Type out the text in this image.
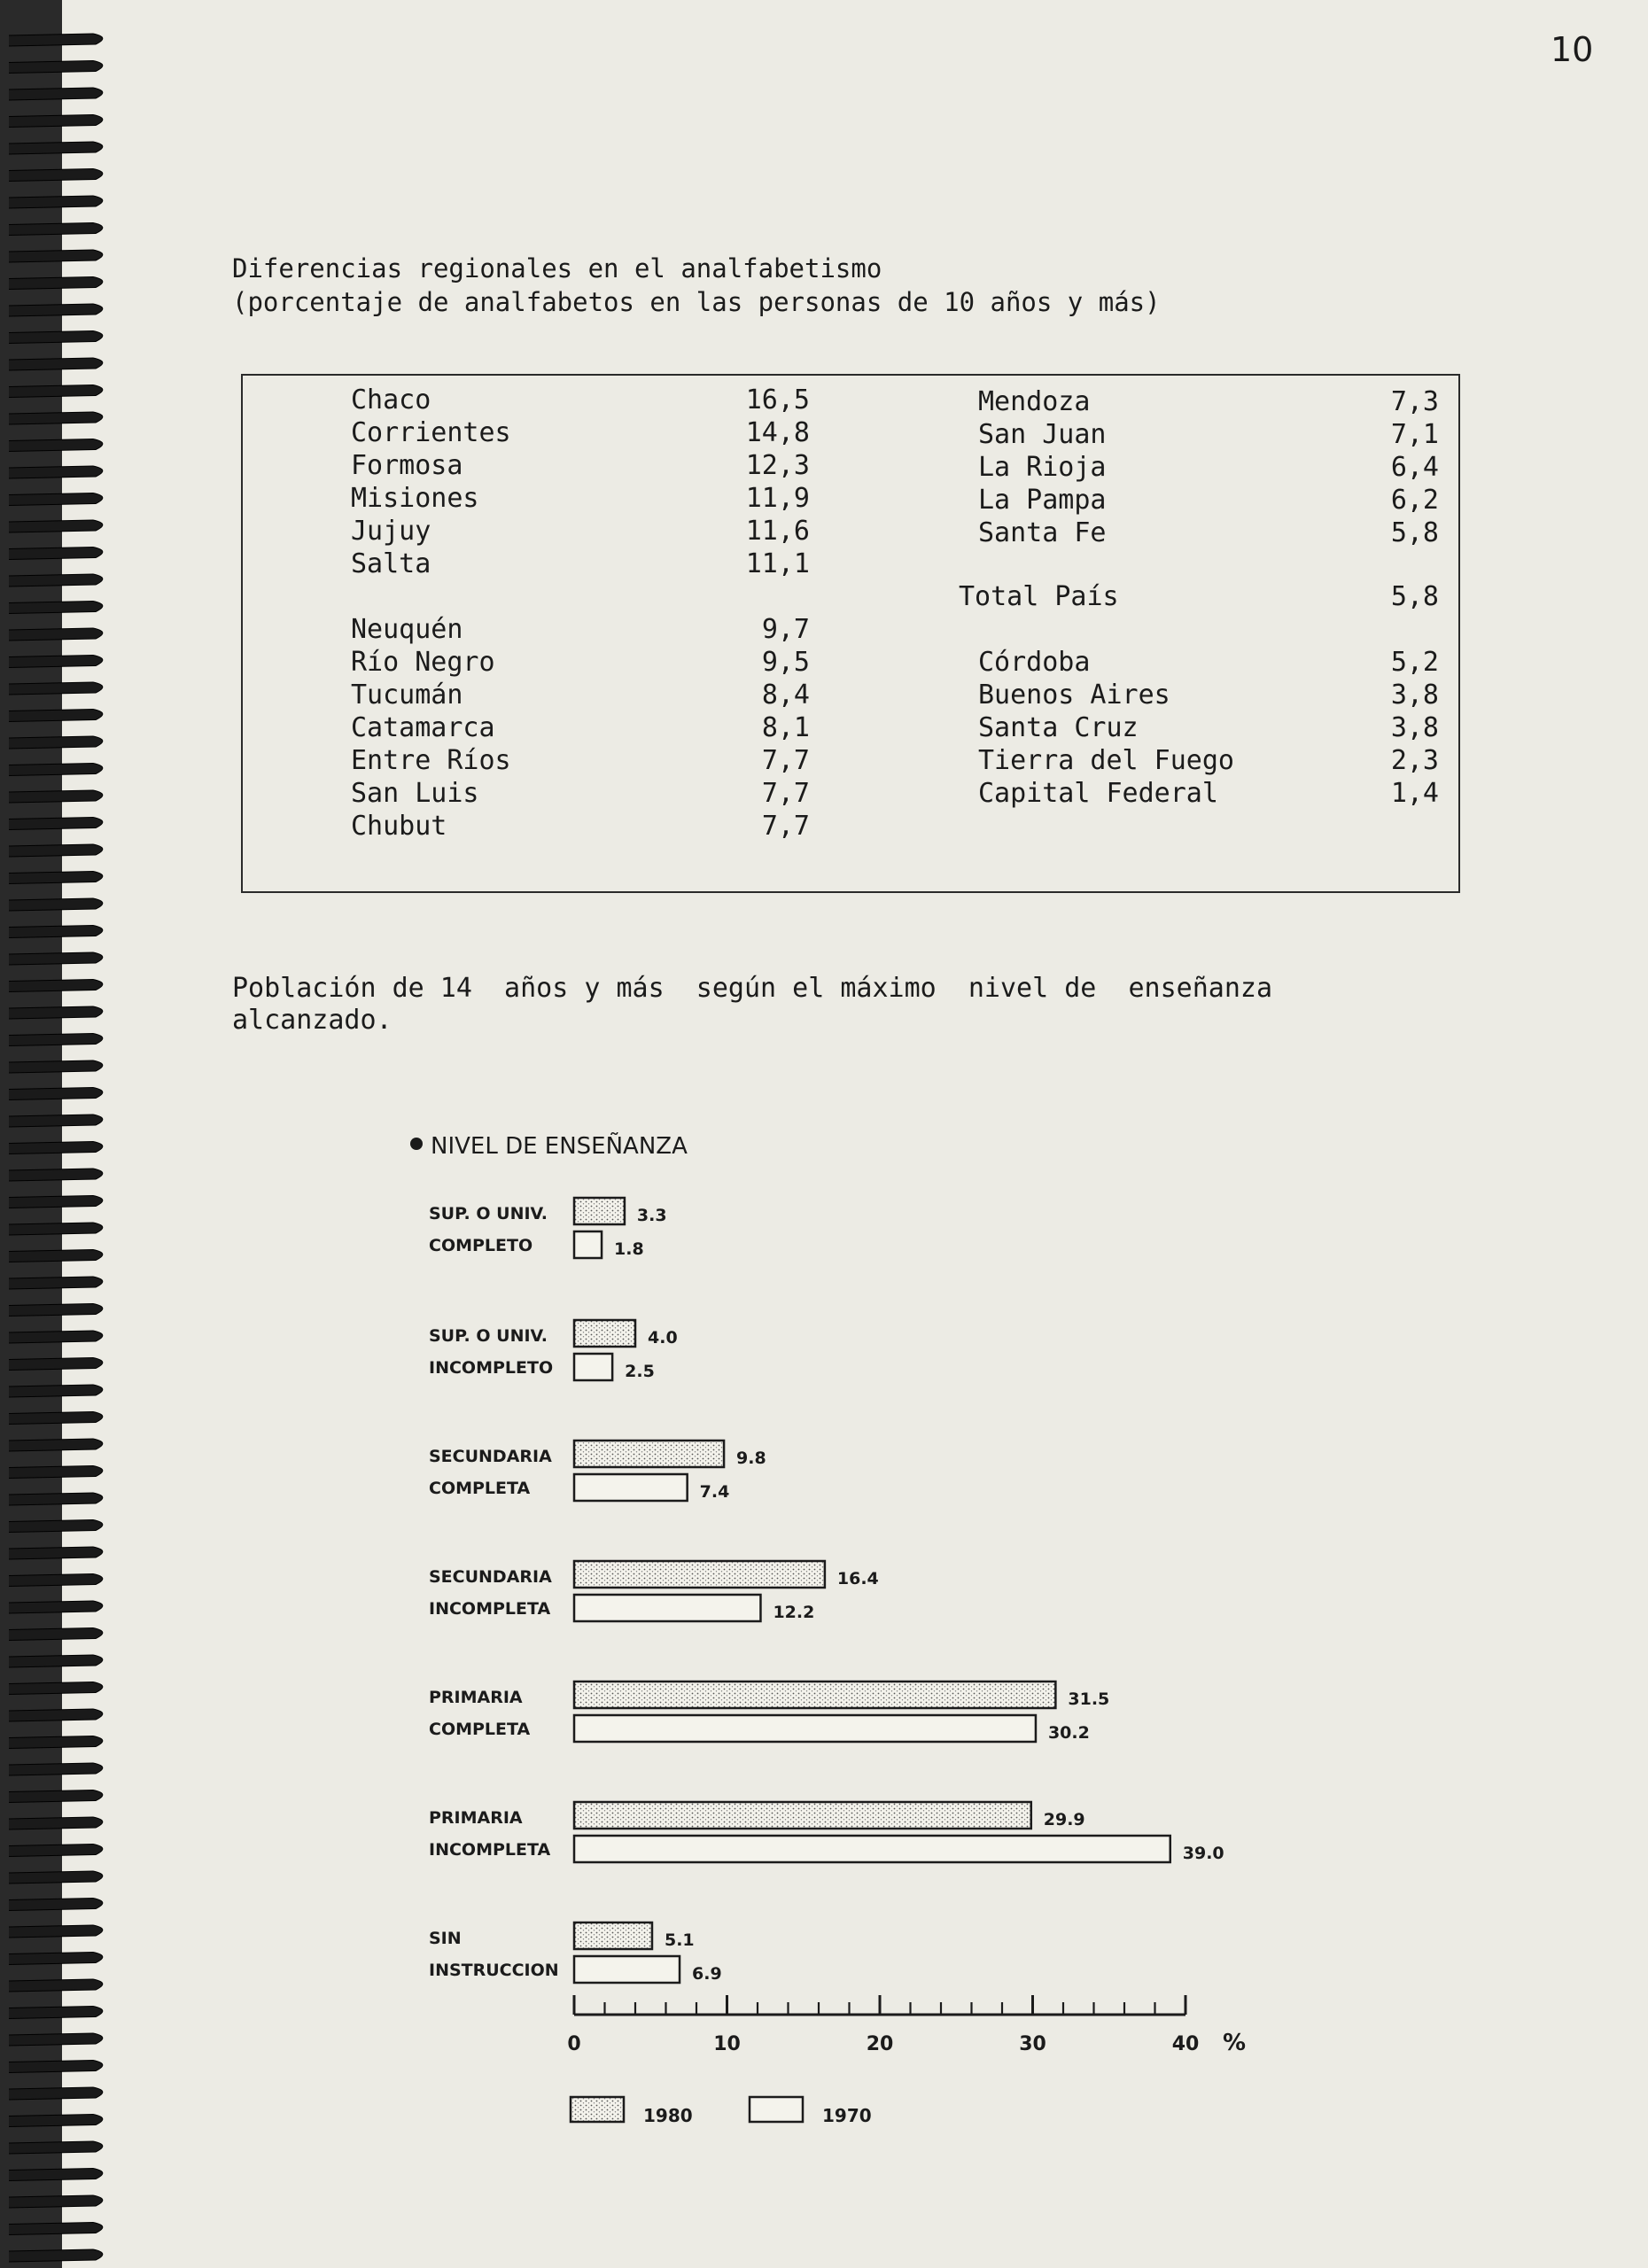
10
Diferencias regionales en el analfabetismo
(porcentaje de analfabetos en las personas de 10 años y más)
Chaco	16,5
Corrientes	14,8
Formosa	12,3
Misiones	11,9
Jujuy	11,6
Salta	11,1
Neuquén	9,7
Río Negro	9,5
Tucumán	8,4
Catamarca	8,1
Entre Ríos	7,7
San Luis	7,7
Chubut	7,7
Mendoza	7,3
San Juan	7,1
La Rioja	6,4
La Pampa	6,2
Santa Fe	5,8
Córdoba	5,2
Buenos Aires	3,8
Santa Cruz	3,8
Tierra del Fuego	2,3
Capital Federal	1,4
Total País	5,8
Población de 14  años y más  según el máximo  nivel de  enseñanza
alcanzado.
NIVEL DE ENSEÑANZA
SUP. O UNIV.
COMPLETO
3.3
1.8
SUP. O UNIV.
INCOMPLETO
4.0
2.5
SECUNDARIA
COMPLETA
9.8
7.4
SECUNDARIA
INCOMPLETA
16.4
12.2
PRIMARIA
COMPLETA
31.5
30.2
PRIMARIA
INCOMPLETA
29.9
39.0
SIN
INSTRUCCION
5.1
6.9
0	10	20	30	40 %
1980	1970
